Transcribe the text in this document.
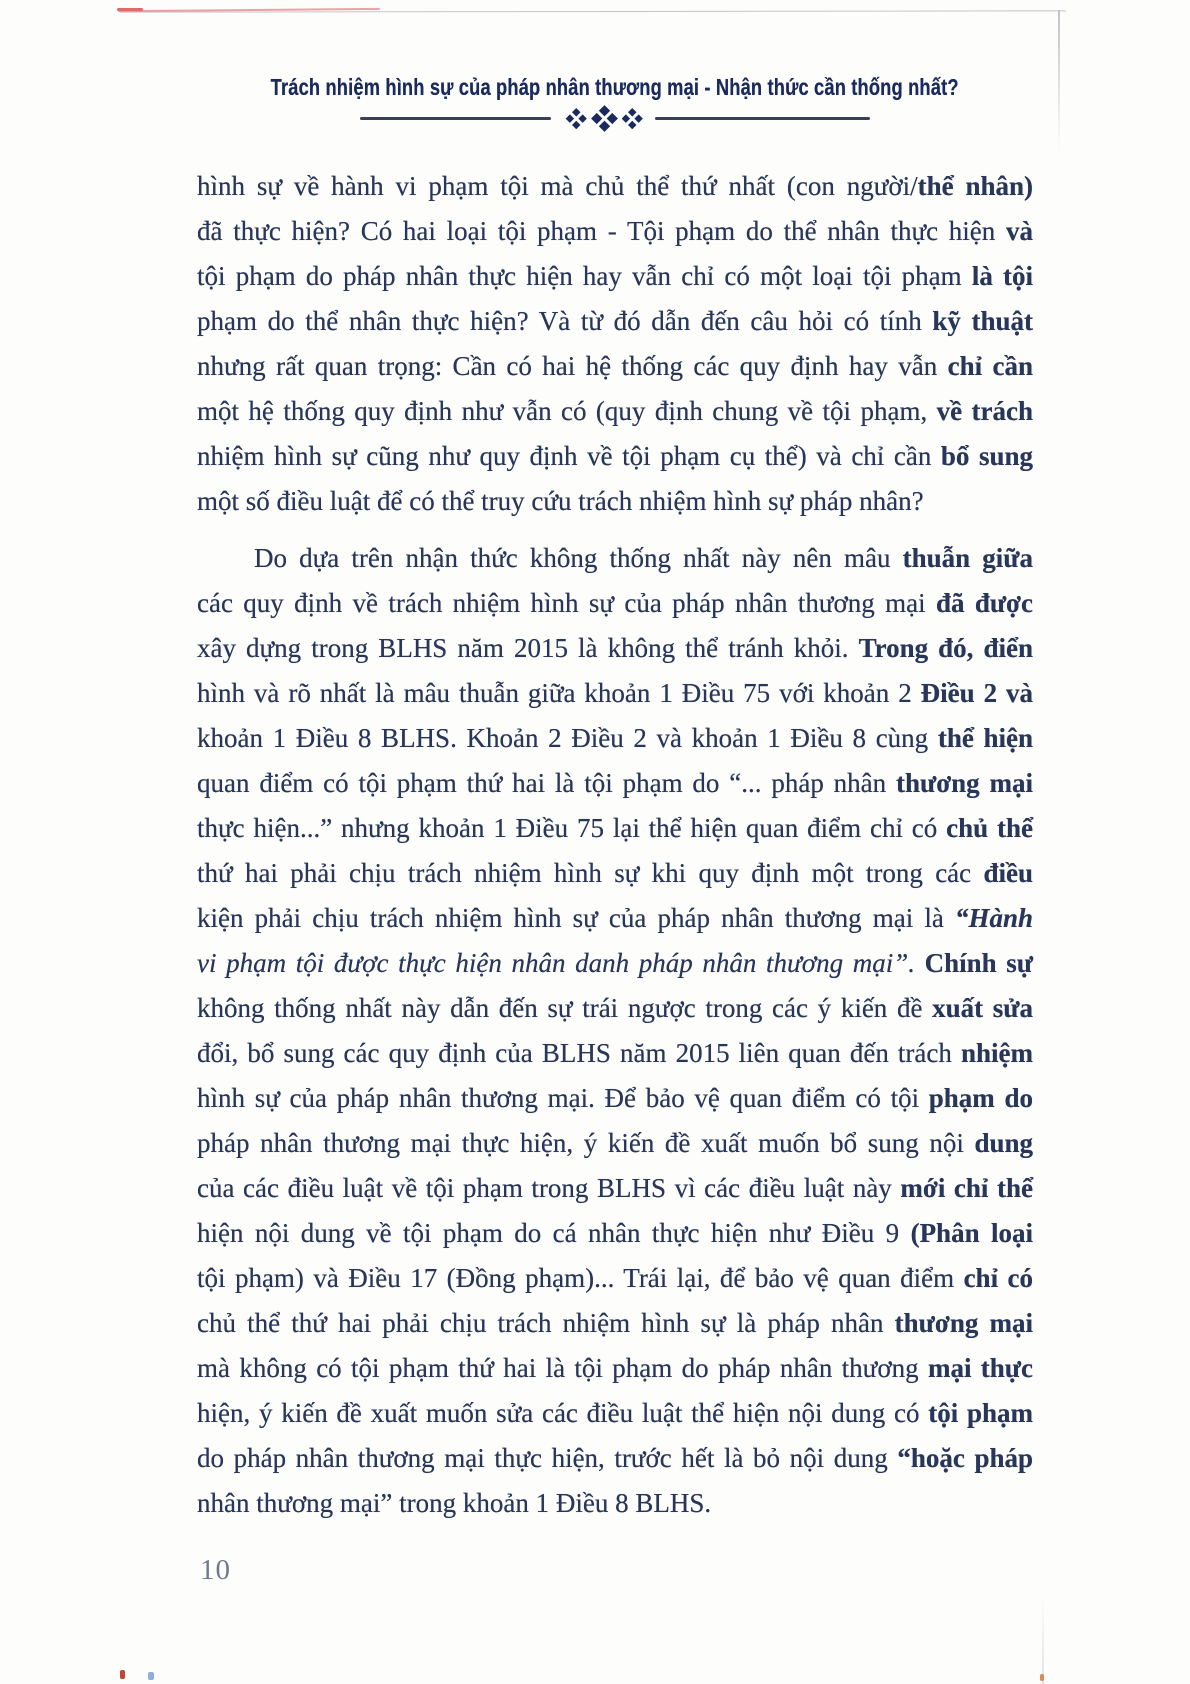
Trách nhiệm hình sự của pháp nhân thương mại - Nhận thức cần thống nhất?
hình sự về hành vi phạm tội mà chủ thể thứ nhất (con người/thể nhân)
đã thực hiện? Có hai loại tội phạm - Tội phạm do thể nhân thực hiện và
tội phạm do pháp nhân thực hiện hay vẫn chỉ có một loại tội phạm là tội
phạm do thể nhân thực hiện? Và từ đó dẫn đến câu hỏi có tính kỹ thuật
nhưng rất quan trọng: Cần có hai hệ thống các quy định hay vẫn chỉ cần
một hệ thống quy định như vẫn có (quy định chung về tội phạm, về trách
nhiệm hình sự cũng như quy định về tội phạm cụ thể) và chỉ cần bổ sung
một số điều luật để có thể truy cứu trách nhiệm hình sự pháp nhân?
Do dựa trên nhận thức không thống nhất này nên mâu thuẫn giữa
các quy định về trách nhiệm hình sự của pháp nhân thương mại đã được
xây dựng trong BLHS năm 2015 là không thể tránh khỏi. Trong đó, điển
hình và rõ nhất là mâu thuẫn giữa khoản 1 Điều 75 với khoản 2 Điều 2 và
khoản 1 Điều 8 BLHS. Khoản 2 Điều 2 và khoản 1 Điều 8 cùng thể hiện
quan điểm có tội phạm thứ hai là tội phạm do “... pháp nhân thương mại
thực hiện...” nhưng khoản 1 Điều 75 lại thể hiện quan điểm chỉ có chủ thể
thứ hai phải chịu trách nhiệm hình sự khi quy định một trong các điều
kiện phải chịu trách nhiệm hình sự của pháp nhân thương mại là “Hành
vi phạm tội được thực hiện nhân danh pháp nhân thương mại”. Chính sự
không thống nhất này dẫn đến sự trái ngược trong các ý kiến đề xuất sửa
đổi, bổ sung các quy định của BLHS năm 2015 liên quan đến trách nhiệm
hình sự của pháp nhân thương mại. Để bảo vệ quan điểm có tội phạm do
pháp nhân thương mại thực hiện, ý kiến đề xuất muốn bổ sung nội dung
của các điều luật về tội phạm trong BLHS vì các điều luật này mới chỉ thể
hiện nội dung về tội phạm do cá nhân thực hiện như Điều 9 (Phân loại
tội phạm) và Điều 17 (Đồng phạm)... Trái lại, để bảo vệ quan điểm chỉ có
chủ thể thứ hai phải chịu trách nhiệm hình sự là pháp nhân thương mại
mà không có tội phạm thứ hai là tội phạm do pháp nhân thương mại thực
hiện, ý kiến đề xuất muốn sửa các điều luật thể hiện nội dung có tội phạm
do pháp nhân thương mại thực hiện, trước hết là bỏ nội dung “hoặc pháp
nhân thương mại” trong khoản 1 Điều 8 BLHS.
10
